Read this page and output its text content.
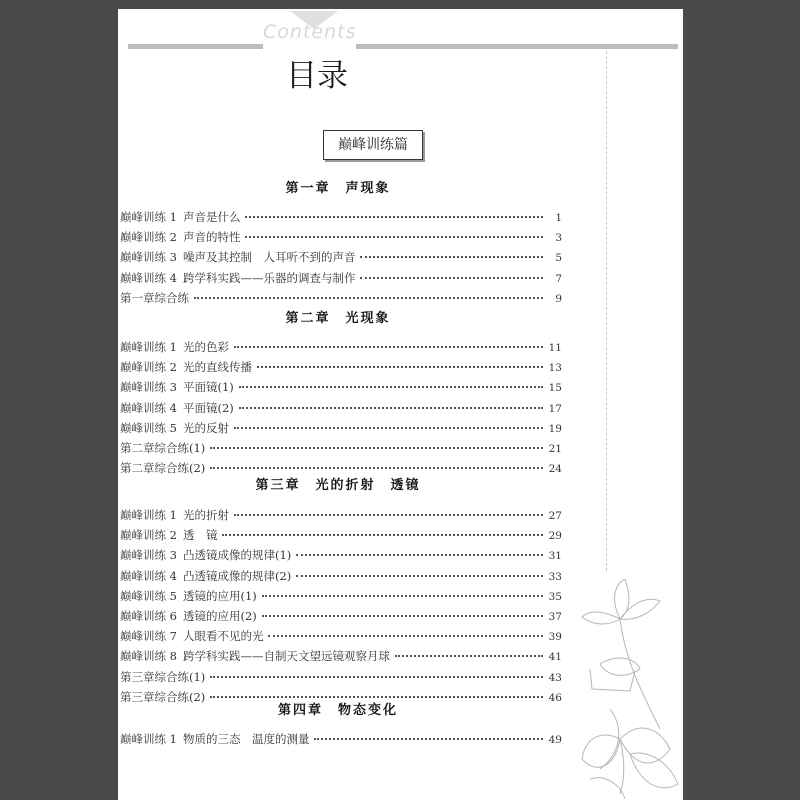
Contents
目录
巅峰训练篇
第一章　声现象
巅峰训练 1 声音是什么	1
巅峰训练 2 声音的特性	3
巅峰训练 3 噪声及其控制　人耳听不到的声音	5
巅峰训练 4 跨学科实践——乐器的调查与制作	7
第一章综合练	9
第二章　光现象
巅峰训练 1 光的色彩	11
巅峰训练 2 光的直线传播	13
巅峰训练 3 平面镜(1)	15
巅峰训练 4 平面镜(2)	17
巅峰训练 5 光的反射	19
第二章综合练(1)	21
第二章综合练(2)	24
第三章　光的折射　透镜
巅峰训练 1 光的折射	27
巅峰训练 2 透　镜	29
巅峰训练 3 凸透镜成像的规律(1)	31
巅峰训练 4 凸透镜成像的规律(2)	33
巅峰训练 5 透镜的应用(1)	35
巅峰训练 6 透镜的应用(2)	37
巅峰训练 7 人眼看不见的光	39
巅峰训练 8 跨学科实践——自制天文望远镜观察月球	41
第三章综合练(1)	43
第三章综合练(2)	46
第四章　物态变化
巅峰训练 1 物质的三态　温度的测量	49
